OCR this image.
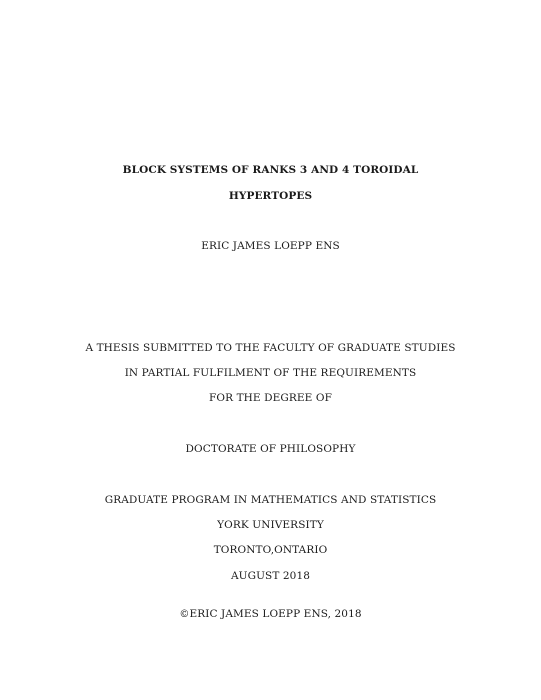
BLOCK SYSTEMS OF RANKS 3 AND 4 TOROIDAL
HYPERTOPES
ERIC JAMES LOEPP ENS
A THESIS SUBMITTED TO THE FACULTY OF GRADUATE STUDIES
IN PARTIAL FULFILMENT OF THE REQUIREMENTS
FOR THE DEGREE OF
DOCTORATE OF PHILOSOPHY
GRADUATE PROGRAM IN MATHEMATICS AND STATISTICS
YORK UNIVERSITY
TORONTO,ONTARIO
AUGUST 2018
©ERIC JAMES LOEPP ENS, 2018
